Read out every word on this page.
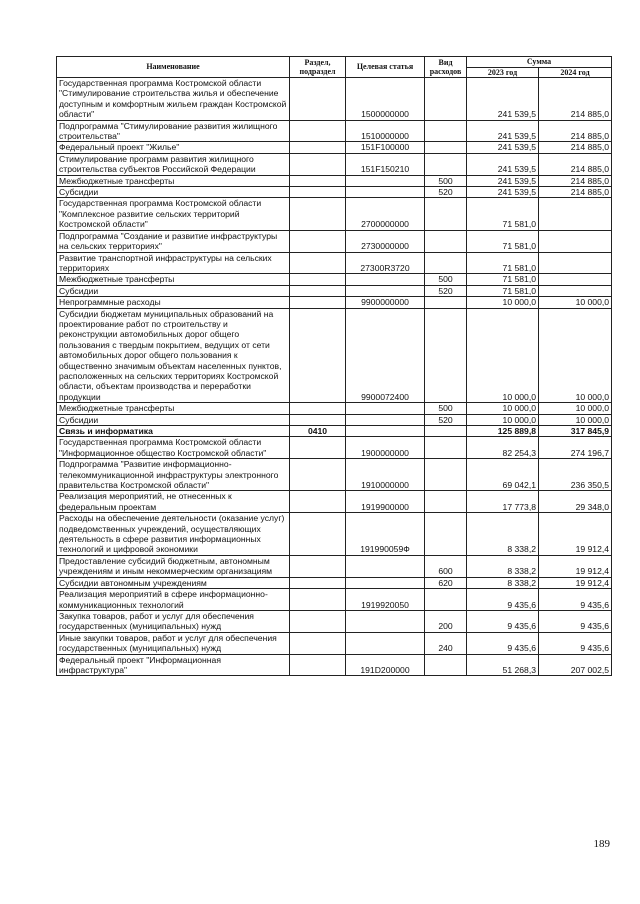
Наименование	Раздел, подраздел	Целевая статья	Вид расходов	Сумма	
				2023 год	2024 год
Государственная программа Костромской области "Стимулирование строительства жилья и обеспечение доступным и комфортным жильем граждан Костромской области"		1500000000		241 539,5	214 885,0
Подпрограмма "Стимулирование развития жилищного строительства"		1510000000		241 539,5	214 885,0
Федеральный проект "Жилье"		151F100000		241 539,5	214 885,0
Стимулирование программ развития жилищного строительства субъектов Российской Федерации		151F150210		241 539,5	214 885,0
Межбюджетные трансферты			500	241 539,5	214 885,0
Субсидии			520	241 539,5	214 885,0
Государственная программа Костромской области "Комплексное развитие сельских территорий Костромской области"		2700000000		71 581,0	
Подпрограмма "Создание и развитие инфраструктуры на сельских территориях"		2730000000		71 581,0	
Развитие транспортной инфраструктуры на сельских территориях		27300R3720		71 581,0	
Межбюджетные трансферты			500	71 581,0	
Субсидии			520	71 581,0	
Непрограммные расходы		9900000000		10 000,0	10 000,0
Субсидии бюджетам муниципальных образований на проектирование работ по строительству и реконструкции автомобильных дорог общего пользования с твердым покрытием, ведущих от сети автомобильных дорог общего пользования к общественно значимым объектам населенных пунктов, расположенных на сельских территориях Костромской области, объектам производства и переработки продукции		9900072400		10 000,0	10 000,0
Межбюджетные трансферты			500	10 000,0	10 000,0
Субсидии			520	10 000,0	10 000,0
Связь и информатика	0410			125 889,8	317 845,9
Государственная программа Костромской области "Информационное общество Костромской области"		1900000000		82 254,3	274 196,7
Подпрограмма "Развитие информационно-телекоммуникационной инфраструктуры электронного правительства Костромской области"		1910000000		69 042,1	236 350,5
Реализация мероприятий, не отнесенных к федеральным проектам		1919900000		17 773,8	29 348,0
Расходы на обеспечение деятельности (оказание услуг) подведомственных учреждений, осуществляющих деятельность в сфере развития информационных технологий и цифровой экономики		191990059Ф		8 338,2	19 912,4
Предоставление субсидий бюджетным, автономным учреждениям и иным некоммерческим организациям			600	8 338,2	19 912,4
Субсидии автономным учреждениям			620	8 338,2	19 912,4
Реализация мероприятий в сфере информационно-коммуникационных технологий		1919920050		9 435,6	9 435,6
Закупка товаров, работ и услуг для обеспечения государственных (муниципальных) нужд			200	9 435,6	9 435,6
Иные закупки товаров, работ и услуг для обеспечения государственных (муниципальных) нужд			240	9 435,6	9 435,6
Федеральный проект "Информационная инфраструктура"		191D200000		51 268,3	207 002,5
189
